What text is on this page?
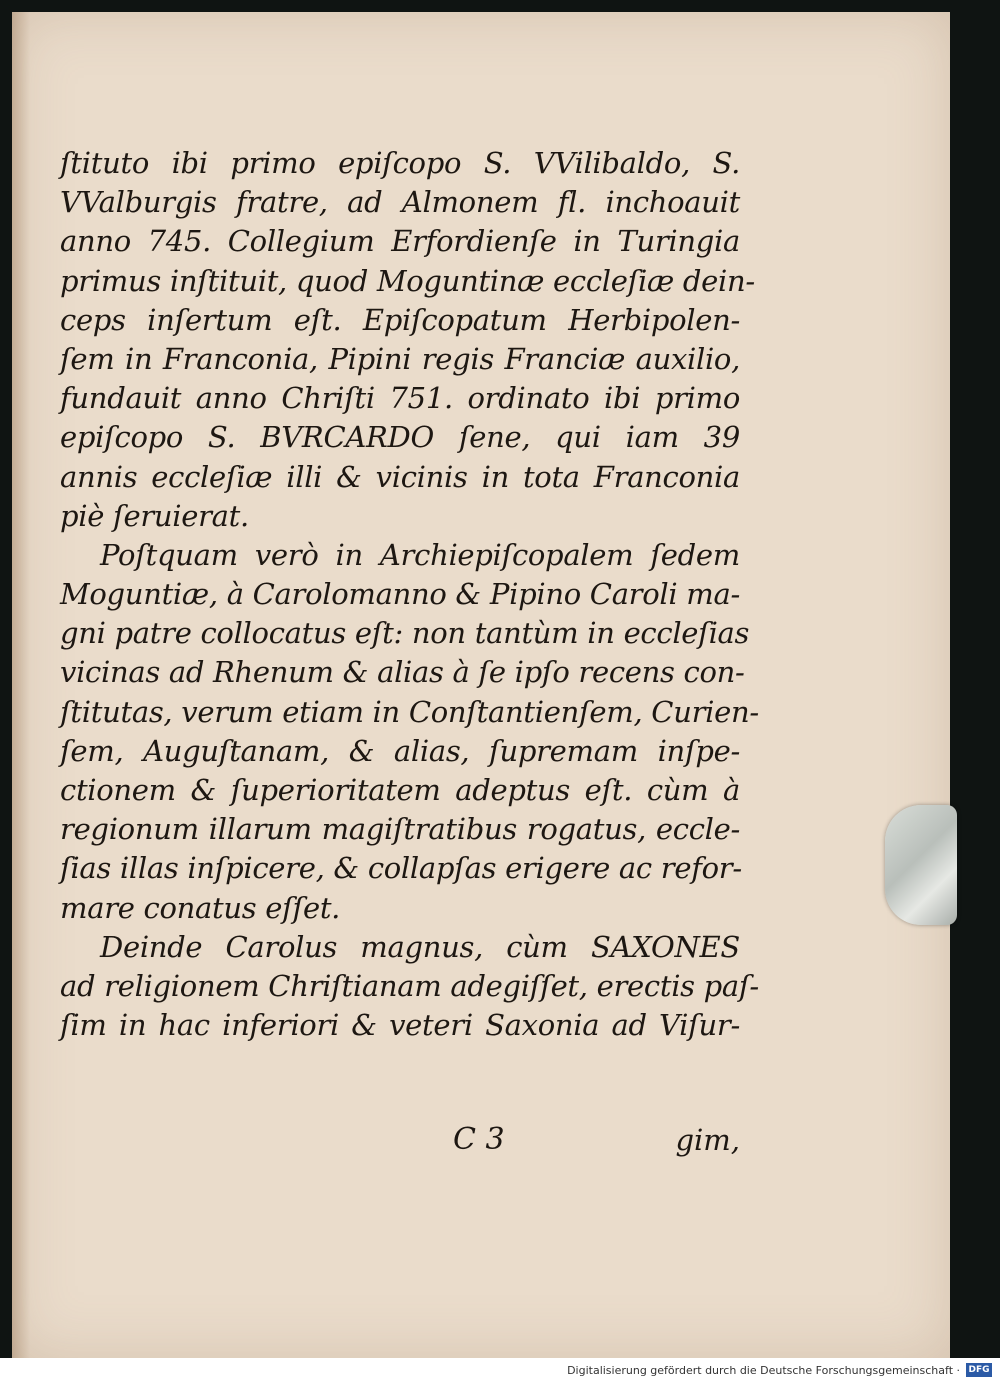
ſtituto ibi primo epiſcopo S. VVilibaldo, S.
VValburgis fratre, ad Almonem fl. inchoauit
anno 745. Collegium Erfordienſe in Turingia
primus inſtituit, quod Moguntinæ eccleſiæ dein-
ceps inſertum eſt. Epiſcopatum Herbipolen-
ſem in Franconia, Pipini regis Franciæ auxilio,
fundauit anno Chriſti 751. ordinato ibi primo
epiſcopo S. BVRCARDO ſene, qui iam 39
annis eccleſiæ illi & vicinis in tota Franconia
piè ſeruierat.
Poſtquam verò in Archiepiſcopalem ſedem
Moguntiæ, à Carolomanno & Pipino Caroli ma-
gni patre collocatus eſt: non tantùm in eccleſias
vicinas ad Rhenum & alias à ſe ipſo recens con-
ſtitutas, verum etiam in Conſtantienſem, Curien-
ſem, Auguſtanam, & alias, ſupremam inſpe-
ctionem & ſuperioritatem adeptus eſt. cùm à
regionum illarum magiſtratibus rogatus, eccle-
ſias illas inſpicere, & collapſas erigere ac refor-
mare conatus eſſet.
Deinde Carolus magnus, cùm SAXONES
ad religionem Chriſtianam adegiſſet, erectis paſ-
ſim in hac inferiori & veteri Saxonia ad Viſur-
C 3	gim,
Digitalisierung gefördert durch die Deutsche Forschungsgemeinschaft · DFG
